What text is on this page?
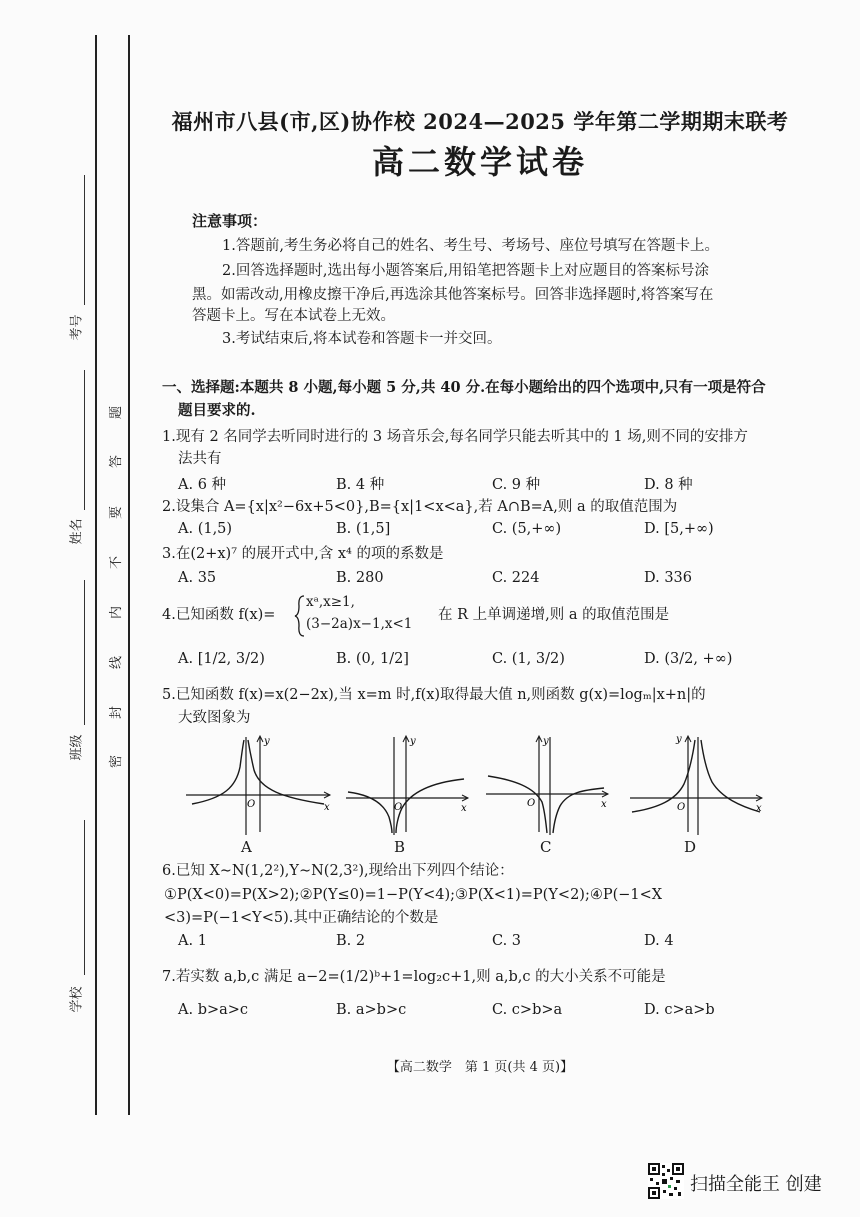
考号
姓名
班级
学校
题
答
要
不
内
线
封
密
福州市八县(市,区)协作校 2024—2025 学年第二学期期末联考
高二数学试卷
注意事项：
1.答题前,考生务必将自己的姓名、考生号、考场号、座位号填写在答题卡上。
2.回答选择题时,选出每小题答案后,用铅笔把答题卡上对应题目的答案标号涂
黑。如需改动,用橡皮擦干净后,再选涂其他答案标号。回答非选择题时,将答案写在
答题卡上。写在本试卷上无效。
3.考试结束后,将本试卷和答题卡一并交回。
一、选择题:本题共 8 小题,每小题 5 分,共 40 分.在每小题给出的四个选项中,只有一项是符合
题目要求的.
1.现有 2 名同学去听同时进行的 3 场音乐会,每名同学只能去听其中的 1 场,则不同的安排方
法共有
A. 6 种	B. 4 种	C. 9 种	D. 8 种
2.设集合 A={x|x²−6x+5<0},B={x|1<x<a},若 A∩B=A,则 a 的取值范围为
A. (1,5)	B. (1,5]	C. (5,+∞)	D. [5,+∞)
3.在(2+x)⁷ 的展开式中,含 x⁴ 的项的系数是
A. 35	B. 280	C. 224	D. 336
4.已知函数 f(x)=
xᵃ,x≥1,
(3−2a)x−1,x<1
在 R 上单调递增,则 a 的取值范围是
A. [1/2, 3/2)	B. (0, 1/2]	C. (1, 3/2)	D. (3/2, +∞)
5.已知函数 f(x)=x(2−2x),当 x=m 时,f(x)取得最大值 n,则函数 g(x)=logₘ|x+n|的
大致图象为
y
x
O
A
y
x
O
B
y
x
O
C
y
x
O
D
6.已知 X∼N(1,2²),Y∼N(2,3²),现给出下列四个结论：
①P(X<0)=P(X>2);②P(Y≤0)=1−P(Y<4);③P(X<1)=P(Y<2);④P(−1<X
<3)=P(−1<Y<5).其中正确结论的个数是
A. 1	B. 2	C. 3	D. 4
7.若实数 a,b,c 满足 a−2=(1/2)ᵇ+1=log₂c+1,则 a,b,c 的大小关系不可能是
A. b>a>c	B. a>b>c	C. c>b>a	D. c>a>b
【高二数学　第 1 页(共 4 页)】
扫描全能王 创建
